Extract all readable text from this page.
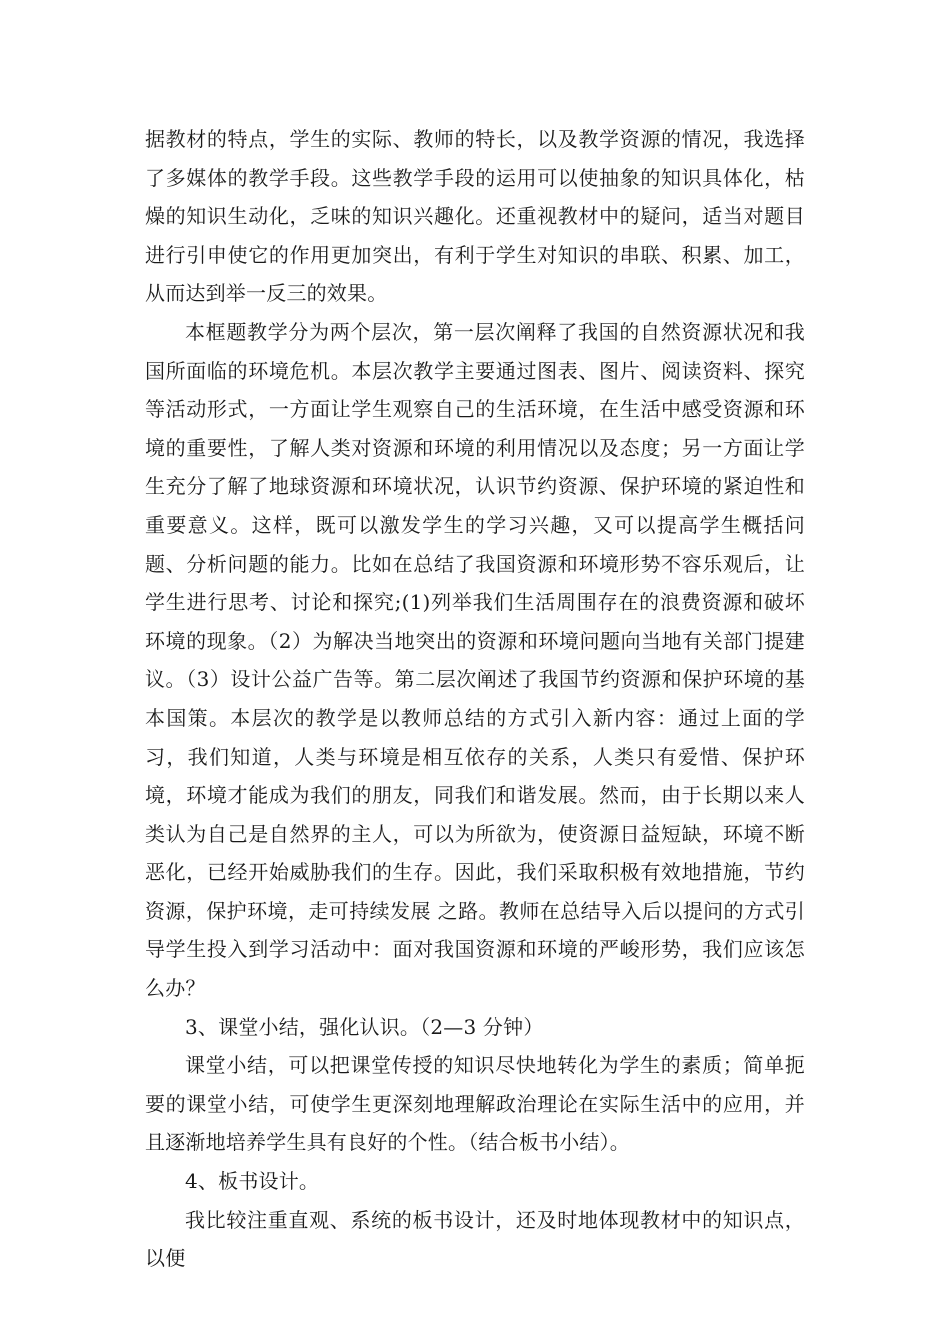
据教材的特点，学生的实际、教师的特长，以及教学资源的情况，我选择了多媒体的教学手段。这些教学手段的运用可以使抽象的知识具体化，枯燥的知识生动化，乏味的知识兴趣化。还重视教材中的疑问，适当对题目进行引申使它的作用更加突出，有利于学生对知识的串联、积累、加工，从而达到举一反三的效果。

本框题教学分为两个层次，第一层次阐释了我国的自然资源状况和我国所面临的环境危机。本层次教学主要通过图表、图片、阅读资料、探究等活动形式，一方面让学生观察自己的生活环境，在生活中感受资源和环境的重要性，了解人类对资源和环境的利用情况以及态度；另一方面让学生充分了解了地球资源和环境状况，认识节约资源、保护环境的紧迫性和重要意义。这样，既可以激发学生的学习兴趣，又可以提高学生概括问题、分析问题的能力。比如在总结了我国资源和环境形势不容乐观后，让学生进行思考、讨论和探究;(1)列举我们生活周围存在的浪费资源和破坏环境的现象。（2）为解决当地突出的资源和环境问题向当地有关部门提建议。（3）设计公益广告等。第二层次阐述了我国节约资源和保护环境的基本国策。本层次的教学是以教师总结的方式引入新内容：通过上面的学习，我们知道，人类与环境是相互依存的关系，人类只有爱惜、保护环境，环境才能成为我们的朋友，同我们和谐发展。然而，由于长期以来人类认为自己是自然界的主人，可以为所欲为，使资源日益短缺，环境不断恶化，已经开始威胁我们的生存。因此，我们采取积极有效地措施，节约资源，保护环境，走可持续发展 之路。教师在总结导入后以提问的方式引导学生投入到学习活动中：面对我国资源和环境的严峻形势，我们应该怎么办？

3、课堂小结，强化认识。（2—3 分钟）

课堂小结，可以把课堂传授的知识尽快地转化为学生的素质；简单扼要的课堂小结，可使学生更深刻地理解政治理论在实际生活中的应用，并且逐渐地培养学生具有良好的个性。（结合板书小结）。

4、板书设计。

我比较注重直观、系统的板书设计，还及时地体现教材中的知识点，以便
